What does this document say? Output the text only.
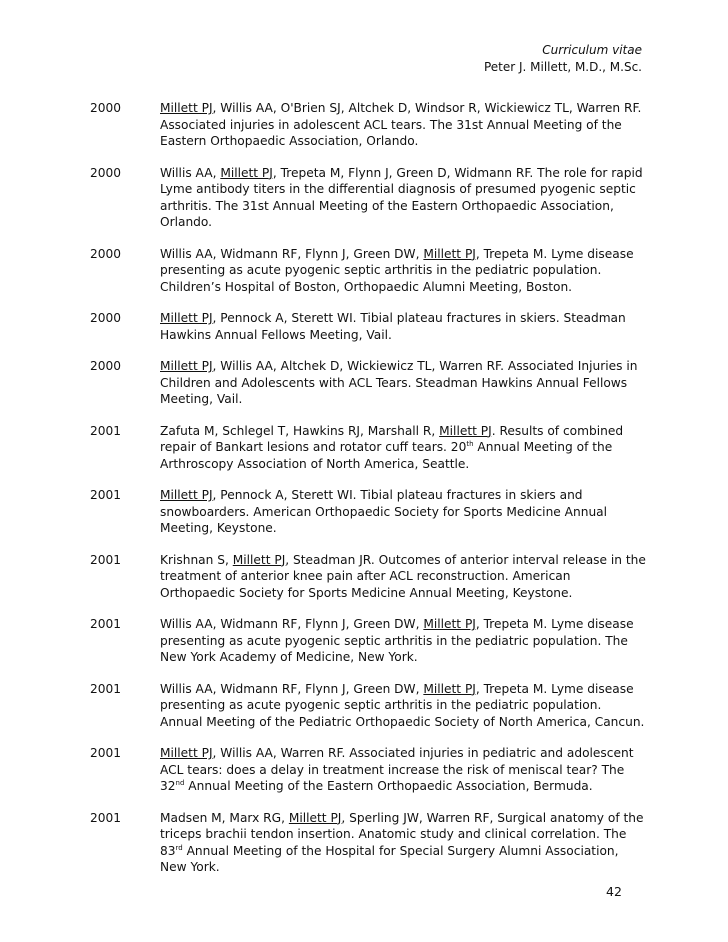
Curriculum vitae
Peter J. Millett, M.D., M.Sc.
2000	Millett PJ, Willis AA, O'Brien SJ, Altchek D, Windsor R, Wickiewicz TL, Warren RF. Associated injuries in adolescent ACL tears. The 31st Annual Meeting of the Eastern Orthopaedic Association, Orlando.
2000	Willis AA, Millett PJ, Trepeta M, Flynn J, Green D, Widmann RF. The role for rapid Lyme antibody titers in the differential diagnosis of presumed pyogenic septic arthritis. The 31st Annual Meeting of the Eastern Orthopaedic Association, Orlando.
2000	Willis AA, Widmann RF, Flynn J, Green DW, Millett PJ, Trepeta M. Lyme disease presenting as acute pyogenic septic arthritis in the pediatric population. Children’s Hospital of Boston, Orthopaedic Alumni Meeting, Boston.
2000	Millett PJ, Pennock A, Sterett WI. Tibial plateau fractures in skiers. Steadman Hawkins Annual Fellows Meeting, Vail.
2000	Millett PJ, Willis AA, Altchek D, Wickiewicz TL, Warren RF. Associated Injuries in Children and Adolescents with ACL Tears. Steadman Hawkins Annual Fellows Meeting, Vail.
2001	Zafuta M, Schlegel T, Hawkins RJ, Marshall R, Millett PJ. Results of combined repair of Bankart lesions and rotator cuff tears. 20th Annual Meeting of the Arthroscopy Association of North America, Seattle.
2001	Millett PJ, Pennock A, Sterett WI. Tibial plateau fractures in skiers and snowboarders. American Orthopaedic Society for Sports Medicine Annual Meeting, Keystone.
2001	Krishnan S, Millett PJ, Steadman JR. Outcomes of anterior interval release in the treatment of anterior knee pain after ACL reconstruction. American Orthopaedic Society for Sports Medicine Annual Meeting, Keystone.
2001	Willis AA, Widmann RF, Flynn J, Green DW, Millett PJ, Trepeta M. Lyme disease presenting as acute pyogenic septic arthritis in the pediatric population. The New York Academy of Medicine, New York.
2001	Willis AA, Widmann RF, Flynn J, Green DW, Millett PJ, Trepeta M. Lyme disease presenting as acute pyogenic septic arthritis in the pediatric population. Annual Meeting of the Pediatric Orthopaedic Society of North America, Cancun.
2001	Millett PJ, Willis AA, Warren RF. Associated injuries in pediatric and adolescent ACL tears: does a delay in treatment increase the risk of meniscal tear? The 32nd Annual Meeting of the Eastern Orthopaedic Association, Bermuda.
2001	Madsen M, Marx RG, Millett PJ, Sperling JW, Warren RF, Surgical anatomy of the triceps brachii tendon insertion. Anatomic study and clinical correlation. The 83rd Annual Meeting of the Hospital for Special Surgery Alumni Association, New York.
42
